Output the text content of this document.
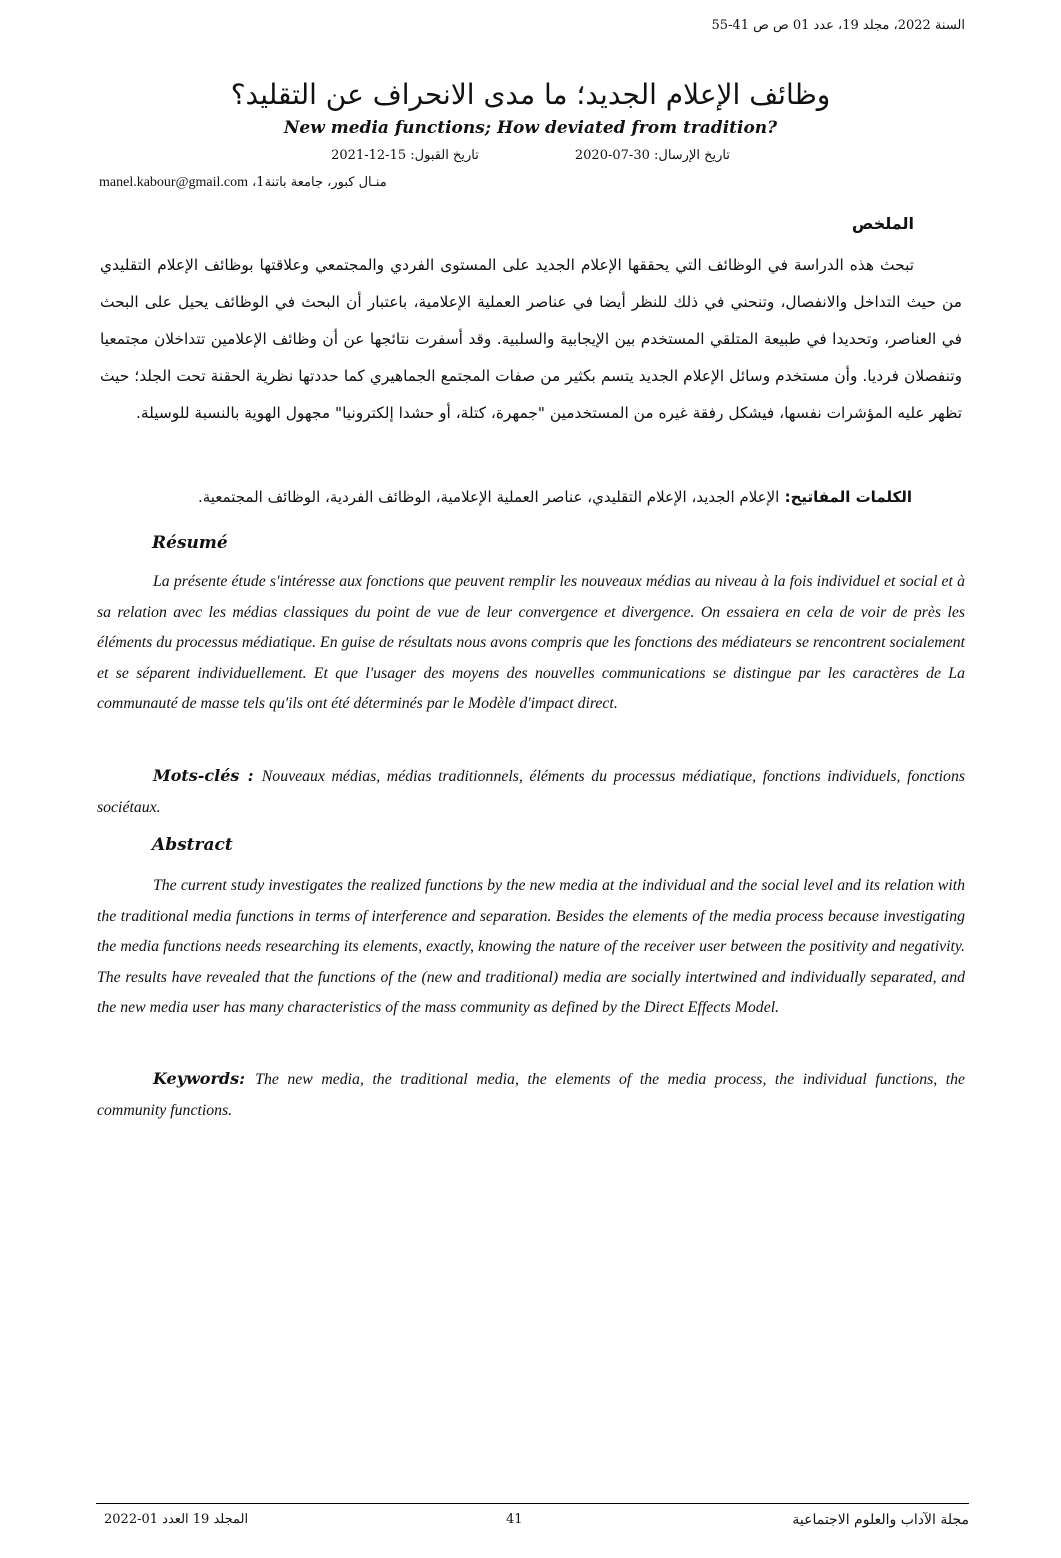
السنة 2022، مجلد 19، عدد 01 ص ص 41-55
وظائف الإعلام الجديد؛ ما مدى الانحراف عن التقليد؟
New media functions; How deviated from tradition?
تاريخ الإرسال: 30-07-2020
تاريخ القبول: 15-12-2021
منـال كبور، جامعة باتنة1، manel.kabour@gmail.com
الملخص

تبحث هذه الدراسة في الوظائف التي يحققها الإعلام الجديد على المستوى الفردي والمجتمعي وعلاقتها بوظائف الإعلام التقليدي من حيث التداخل والانفصال، وتنحني في ذلك للنظر أيضا في عناصر العملية الإعلامية، باعتبار أن البحث في الوظائف يحيل على البحث في العناصر، وتحديدا في طبيعة المتلقي المستخدم بين الإيجابية والسلبية. وقد أسفرت نتائجها عن أن وظائف الإعلامين تتداخلان مجتمعيا وتنفصلان فرديا. وأن مستخدم وسائل الإعلام الجديد يتسم بكثير من صفات المجتمع الجماهيري كما حددتها نظرية الحقنة تحت الجلد؛ حيث تظهر عليه المؤشرات نفسها، فيشكل رفقة غيره من المستخدمين "جمهرة، كتلة، أو حشدا إلكترونيا" مجهول الهوية بالنسبة للوسيلة.

الكلمات المفاتيح: الإعلام الجديد، الإعلام التقليدي، عناصر العملية الإعلامية، الوظائف الفردية، الوظائف المجتمعية.

Résumé

La présente étude s'intéresse aux fonctions que peuvent remplir les nouveaux médias au niveau à la fois individuel et social et à sa relation avec les médias classiques du point de vue de leur convergence et divergence. On essaiera en cela de voir de près les éléments du processus médiatique. En guise de résultats nous avons compris que les fonctions des médiateurs se rencontrent socialement et se séparent individuellement. Et que l'usager des moyens des nouvelles communications se distingue par les caractères de La communauté de masse tels qu'ils ont été déterminés par le Modèle d'impact direct.

Mots-clés : Nouveaux médias, médias traditionnels, éléments du processus médiatique, fonctions individuels, fonctions sociétaux.

Abstract

The current study investigates the realized functions by the new media at the individual and the social level and its relation with the traditional media functions in terms of interference and separation. Besides the elements of the media process because investigating the media functions needs researching its elements, exactly, knowing the nature of the receiver user between the positivity and negativity. The results have revealed that the functions of the (new and traditional) media are socially intertwined and individually separated, and the new media user has many characteristics of the mass community as defined by the Direct Effects Model.

Keywords: The new media, the traditional media, the elements of the media process, the individual functions, the community functions.

المجلد 19 العدد 01-2022	41	مجلة الآداب والعلوم الاجتماعية
